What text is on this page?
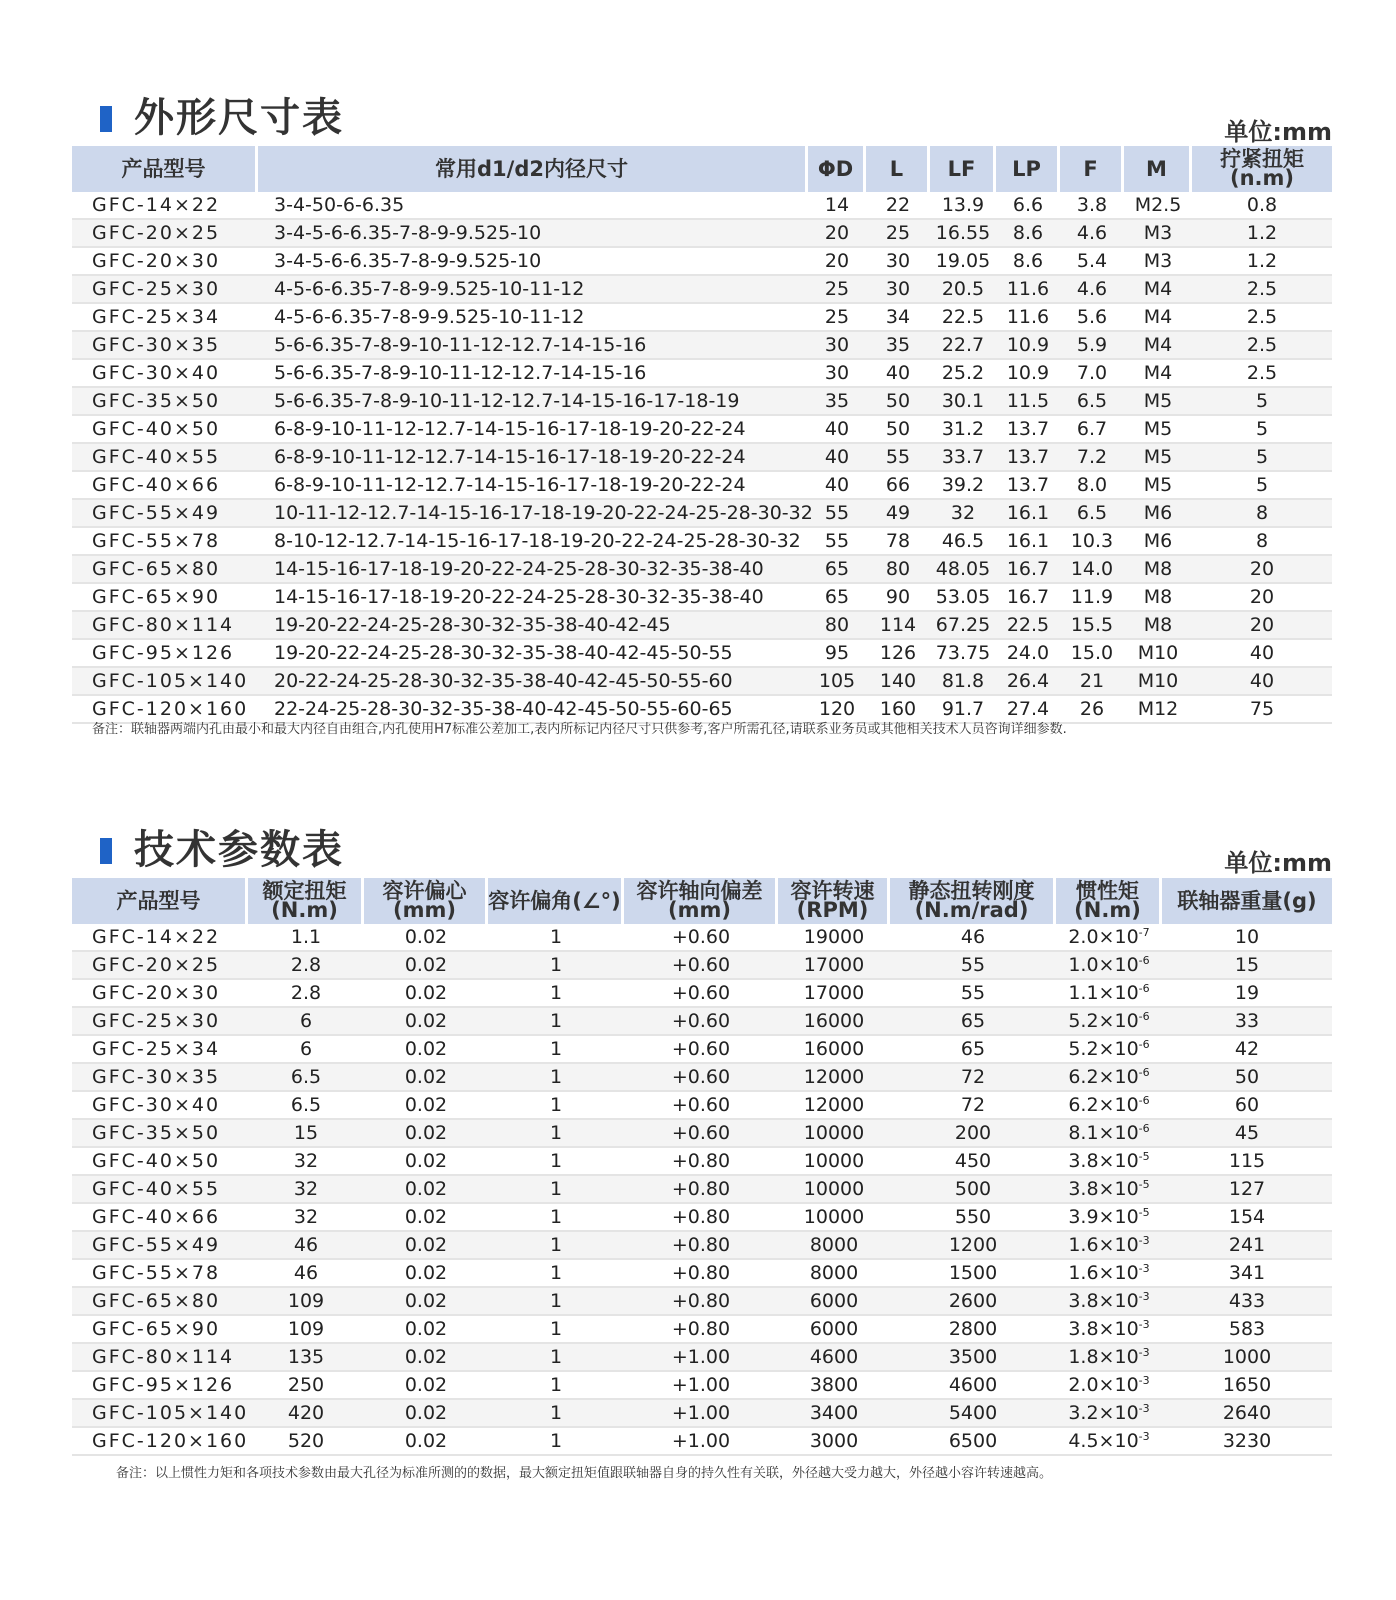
外形尺寸表	单位:mm
产品型号	常用d1/d2内径尺寸	ΦD	L	LF	LP	F	M	拧紧扭矩(n.m)
GFC-14×22	3-4-50-6-6.35	14	22	13.9	6.6	3.8	M2.5	0.8
GFC-20×25	3-4-5-6-6.35-7-8-9-9.525-10	20	25	16.55	8.6	4.6	M3	1.2
GFC-20×30	3-4-5-6-6.35-7-8-9-9.525-10	20	30	19.05	8.6	5.4	M3	1.2
GFC-25×30	4-5-6-6.35-7-8-9-9.525-10-11-12	25	30	20.5	11.6	4.6	M4	2.5
GFC-25×34	4-5-6-6.35-7-8-9-9.525-10-11-12	25	34	22.5	11.6	5.6	M4	2.5
GFC-30×35	5-6-6.35-7-8-9-10-11-12-12.7-14-15-16	30	35	22.7	10.9	5.9	M4	2.5
GFC-30×40	5-6-6.35-7-8-9-10-11-12-12.7-14-15-16	30	40	25.2	10.9	7.0	M4	2.5
GFC-35×50	5-6-6.35-7-8-9-10-11-12-12.7-14-15-16-17-18-19	35	50	30.1	11.5	6.5	M5	5
GFC-40×50	6-8-9-10-11-12-12.7-14-15-16-17-18-19-20-22-24	40	50	31.2	13.7	6.7	M5	5
GFC-40×55	6-8-9-10-11-12-12.7-14-15-16-17-18-19-20-22-24	40	55	33.7	13.7	7.2	M5	5
GFC-40×66	6-8-9-10-11-12-12.7-14-15-16-17-18-19-20-22-24	40	66	39.2	13.7	8.0	M5	5
GFC-55×49	10-11-12-12.7-14-15-16-17-18-19-20-22-24-25-28-30-32	55	49	32	16.1	6.5	M6	8
GFC-55×78	8-10-12-12.7-14-15-16-17-18-19-20-22-24-25-28-30-32	55	78	46.5	16.1	10.3	M6	8
GFC-65×80	14-15-16-17-18-19-20-22-24-25-28-30-32-35-38-40	65	80	48.05	16.7	14.0	M8	20
GFC-65×90	14-15-16-17-18-19-20-22-24-25-28-30-32-35-38-40	65	90	53.05	16.7	11.9	M8	20
GFC-80×114	19-20-22-24-25-28-30-32-35-38-40-42-45	80	114	67.25	22.5	15.5	M8	20
GFC-95×126	19-20-22-24-25-28-30-32-35-38-40-42-45-50-55	95	126	73.75	24.0	15.0	M10	40
GFC-105×140	20-22-24-25-28-30-32-35-38-40-42-45-50-55-60	105	140	81.8	26.4	21	M10	40
GFC-120×160	22-24-25-28-30-32-35-38-40-42-45-50-55-60-65	120	160	91.7	27.4	26	M12	75
备注：联轴器两端内孔由最小和最大内径自由组合,内孔使用H7标准公差加工,表内所标记内径尺寸只供参考,客户所需孔径,请联系业务员或其他相关技术人员咨询详细参数.
技术参数表	单位:mm
产品型号	额定扭矩(N.m)	容许偏心(mm)	容许偏角(∠°)	容许轴向偏差(mm)	容许转速(RPM)	静态扭转刚度(N.m/rad)	惯性矩(N.m)	联轴器重量(g)
GFC-14×22	1.1	0.02	1	+0.60	19000	46	$2.0\times 10^{-7}$	10
GFC-20×25	2.8	0.02	1	+0.60	17000	55	$1.0\times 10^{-6}$	15
GFC-20×30	2.8	0.02	1	+0.60	17000	55	$1.1\times 10^{-6}$	19
GFC-25×30	6	0.02	1	+0.60	16000	65	$5.2\times 10^{-6}$	33
GFC-25×34	6	0.02	1	+0.60	16000	65	$5.2\times 10^{-6}$	42
GFC-30×35	6.5	0.02	1	+0.60	12000	72	$6.2\times 10^{-6}$	50
GFC-30×40	6.5	0.02	1	+0.60	12000	72	$6.2\times 10^{-6}$	60
GFC-35×50	15	0.02	1	+0.60	10000	200	$8.1\times 10^{-6}$	45
GFC-40×50	32	0.02	1	+0.80	10000	450	$3.8\times 10^{-5}$	115
GFC-40×55	32	0.02	1	+0.80	10000	500	$3.8\times 10^{-5}$	127
GFC-40×66	32	0.02	1	+0.80	10000	550	$3.9\times 10^{-5}$	154
GFC-55×49	46	0.02	1	+0.80	8000	1200	$1.6\times 10^{-3}$	241
GFC-55×78	46	0.02	1	+0.80	8000	1500	$1.6\times 10^{-3}$	341
GFC-65×80	109	0.02	1	+0.80	6000	2600	$3.8\times 10^{-3}$	433
GFC-65×90	109	0.02	1	+0.80	6000	2800	$3.8\times 10^{-3}$	583
GFC-80×114	135	0.02	1	+1.00	4600	3500	$1.8\times 10^{-3}$	1000
GFC-95×126	250	0.02	1	+1.00	3800	4600	$2.0\times 10^{-3}$	1650
GFC-105×140	420	0.02	1	+1.00	3400	5400	$3.2\times 10^{-3}$	2640
GFC-120×160	520	0.02	1	+1.00	3000	6500	$4.5\times 10^{-3}$	3230
备注：以上惯性力矩和各项技术参数由最大孔径为标准所测的的数据，最大额定扭矩值跟联轴器自身的持久性有关联，外径越大受力越大，外径越小容许转速越高。
